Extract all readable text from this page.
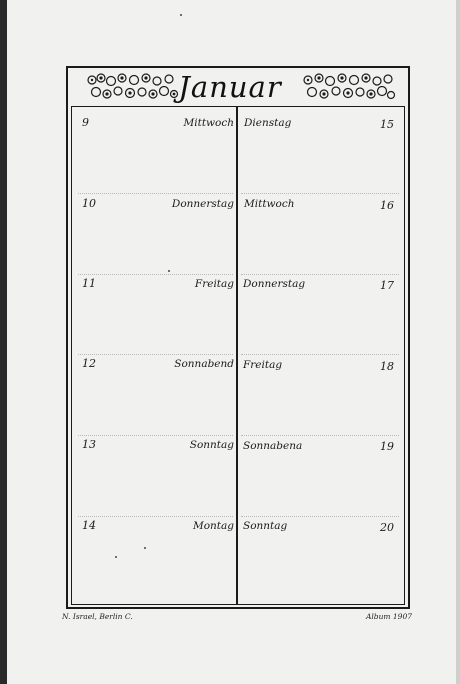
Januar
9	Mittwoch
10	Donnerstag
11	Freitag
12	Sonnabend
13	Sonntag
14	Montag
Dienstag	15
Mittwoch	16
Donnerstag	17
Freitag	18
Sonnabena	19
Sonntag	20
N. Israel, Berlin C.	Album 1907
